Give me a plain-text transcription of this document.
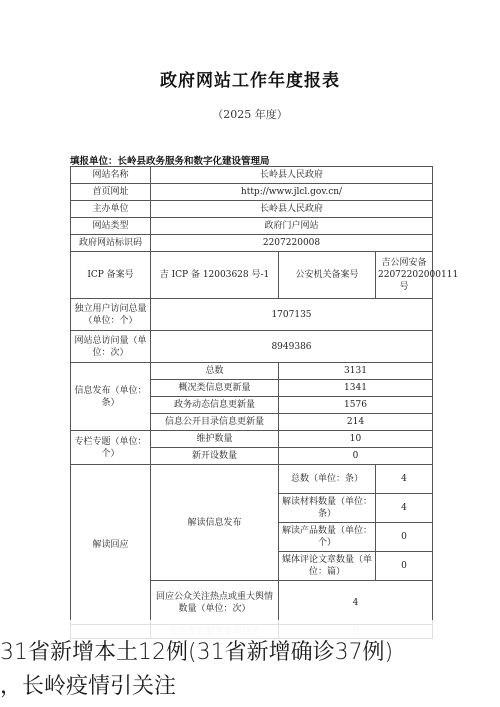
政府网站工作年度报表
（2025 年度）
填报单位：长岭县政务服务和数字化建设管理局
网站名称	长岭县人民政府		
首页网址	http://www.jlcl.gov.cn/		
主办单位	长岭县人民政府		
网站类型	政府门户网站		
政府网站标识码	2207220008		
ICP 备案号	吉 ICP 备 12003628 号-1	公安机关备案号	吉公网安备22072202000111 号
独立用户访问总量（单位：个）	1707135		
网站总访问量（单位：次）	8949386		
信息发布（单位：条）	总数	3131	
	概况类信息更新量	1341	
	政务动态信息更新量	1576	
	信息公开目录信息更新量	214	
专栏专题（单位：个）	维护数量	10	
	新开设数量	0	
解读回应	解读信息发布	总数（单位：条）	4
		解读材料数量（单位：条）	4
		解读产品数量（单位：个）	0
		媒体评论文章数量（单位：篇）	0
	回应公众关注热点或重大舆情数量（单位：次）	4	

31省新增本土12例(31省新增确诊37例)
，长岭疫情引关注
